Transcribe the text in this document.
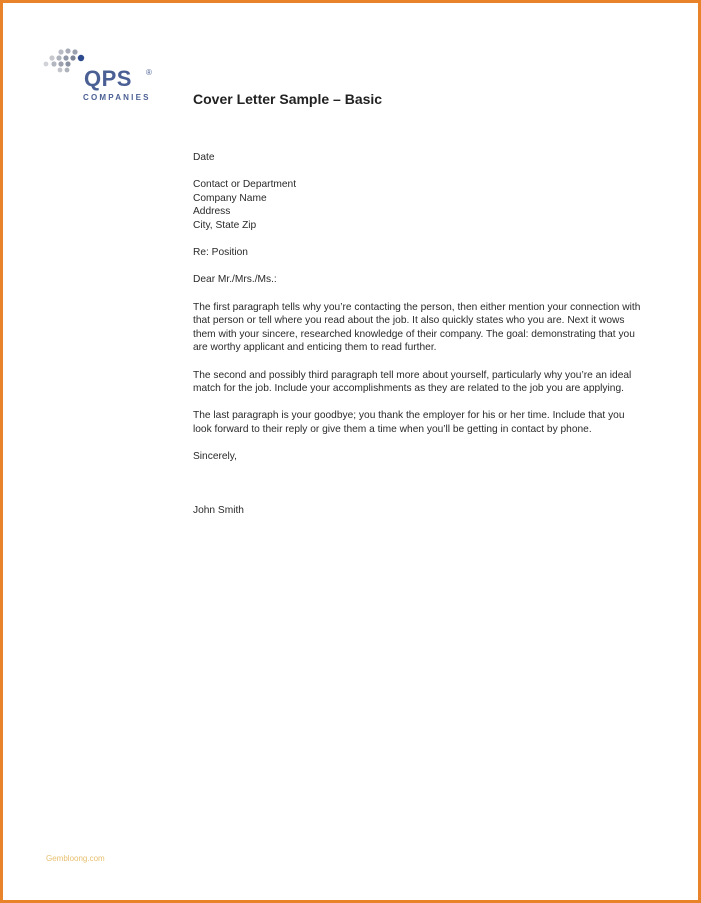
QPS ®
COMPANIES	Cover Letter Sample – Basic

Date

Contact or Department

Company Name

Address

City, State Zip

Re: Position

Dear Mr./Mrs./Ms.:

The first paragraph tells why you’re contacting the person, then either mention your connection with that person or tell where you read about the job. It also quickly states who you are. Next it wows them with your sincere, researched knowledge of their company. The goal: demonstrating that you are worthy applicant and enticing them to read further.

The second and possibly third paragraph tell more about yourself, particularly why you’re an ideal match for the job. Include your accomplishments as they are related to the job you are applying.

The last paragraph is your goodbye; you thank the employer for his or her time. Include that you look forward to their reply or give them a time when you’ll be getting in contact by phone.

Sincerely,

John Smith

Gembloong.com
